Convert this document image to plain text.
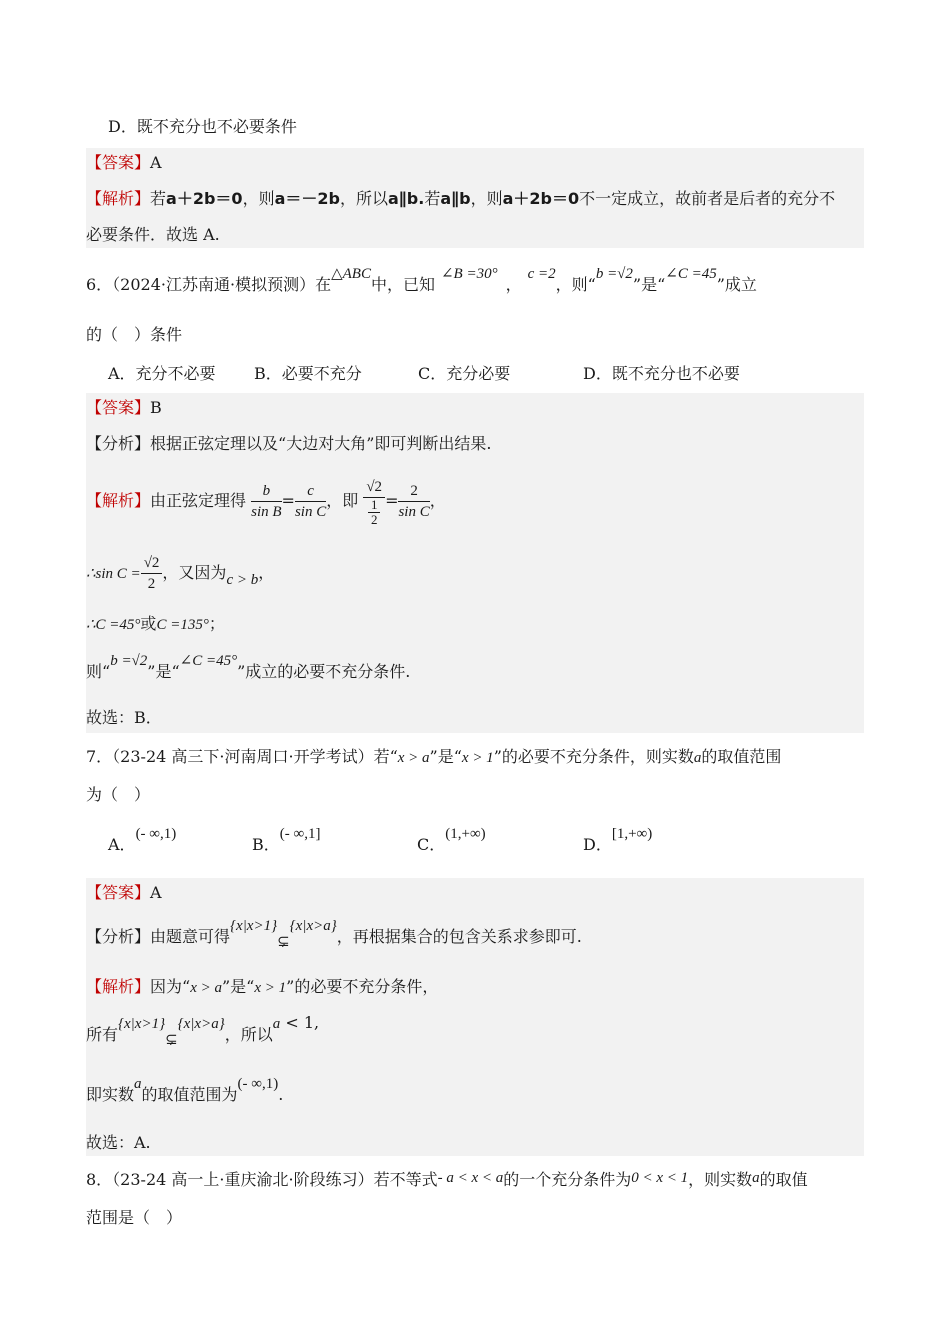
D．既不充分也不必要条件
【答案】A
【解析】若a＋2b＝0，则a＝－2b，所以a∥b.若a∥b，则a＋2b＝0不一定成立，故前者是后者的充分不
必要条件．故选 A.
6．（2024·江苏南通·模拟预测）在△ABC中，已知∠B =30°，c =2，则“b =√2”是“∠C =45”成立
的（　）条件
A．充分不必要 B．必要不充分	C．充分必要	D．既不充分也不必要
【答案】B
【分析】根据正弦定理以及“大边对大角”即可判断出结果.
【解析】由正弦定理得 $\frac{b}{\text{sin B}} = \frac{c}{\text{sin C}}$ ，即 $\frac{√2}{\frac{1}{2}} = \frac{2}{\text{sin C}}$ ，
∴sin $C = \frac{√2}{2}$ ，又因为c > b，
∴C =45°或C =135°；
则“b =√2”是“∠C =45°”成立的必要不充分条件.
故选：B．
7．（23-24 高三下·河南周口·开学考试）若“x > a”是“x > 1”的必要不充分条件，则实数a的取值范围
为（　）
A．(- ∞,1)
B．(- ∞,1]
C．(1,+∞)
D．[1,+∞)
【答案】A
【分析】由题意可得{x|x>1}⊊{x|x>a}，再根据集合的包含关系求参即可.
【解析】因为“x > a”是“x > 1”的必要不充分条件，
所有{x|x>1}⊊{x|x>a}，所以a < 1,
即实数a的取值范围为(- ∞,1).
故选：A.
8．（23-24 高一上·重庆渝北·阶段练习）若不等式- a < x < a的一个充分条件为0 < x < 1，则实数a的取值
范围是（　）
